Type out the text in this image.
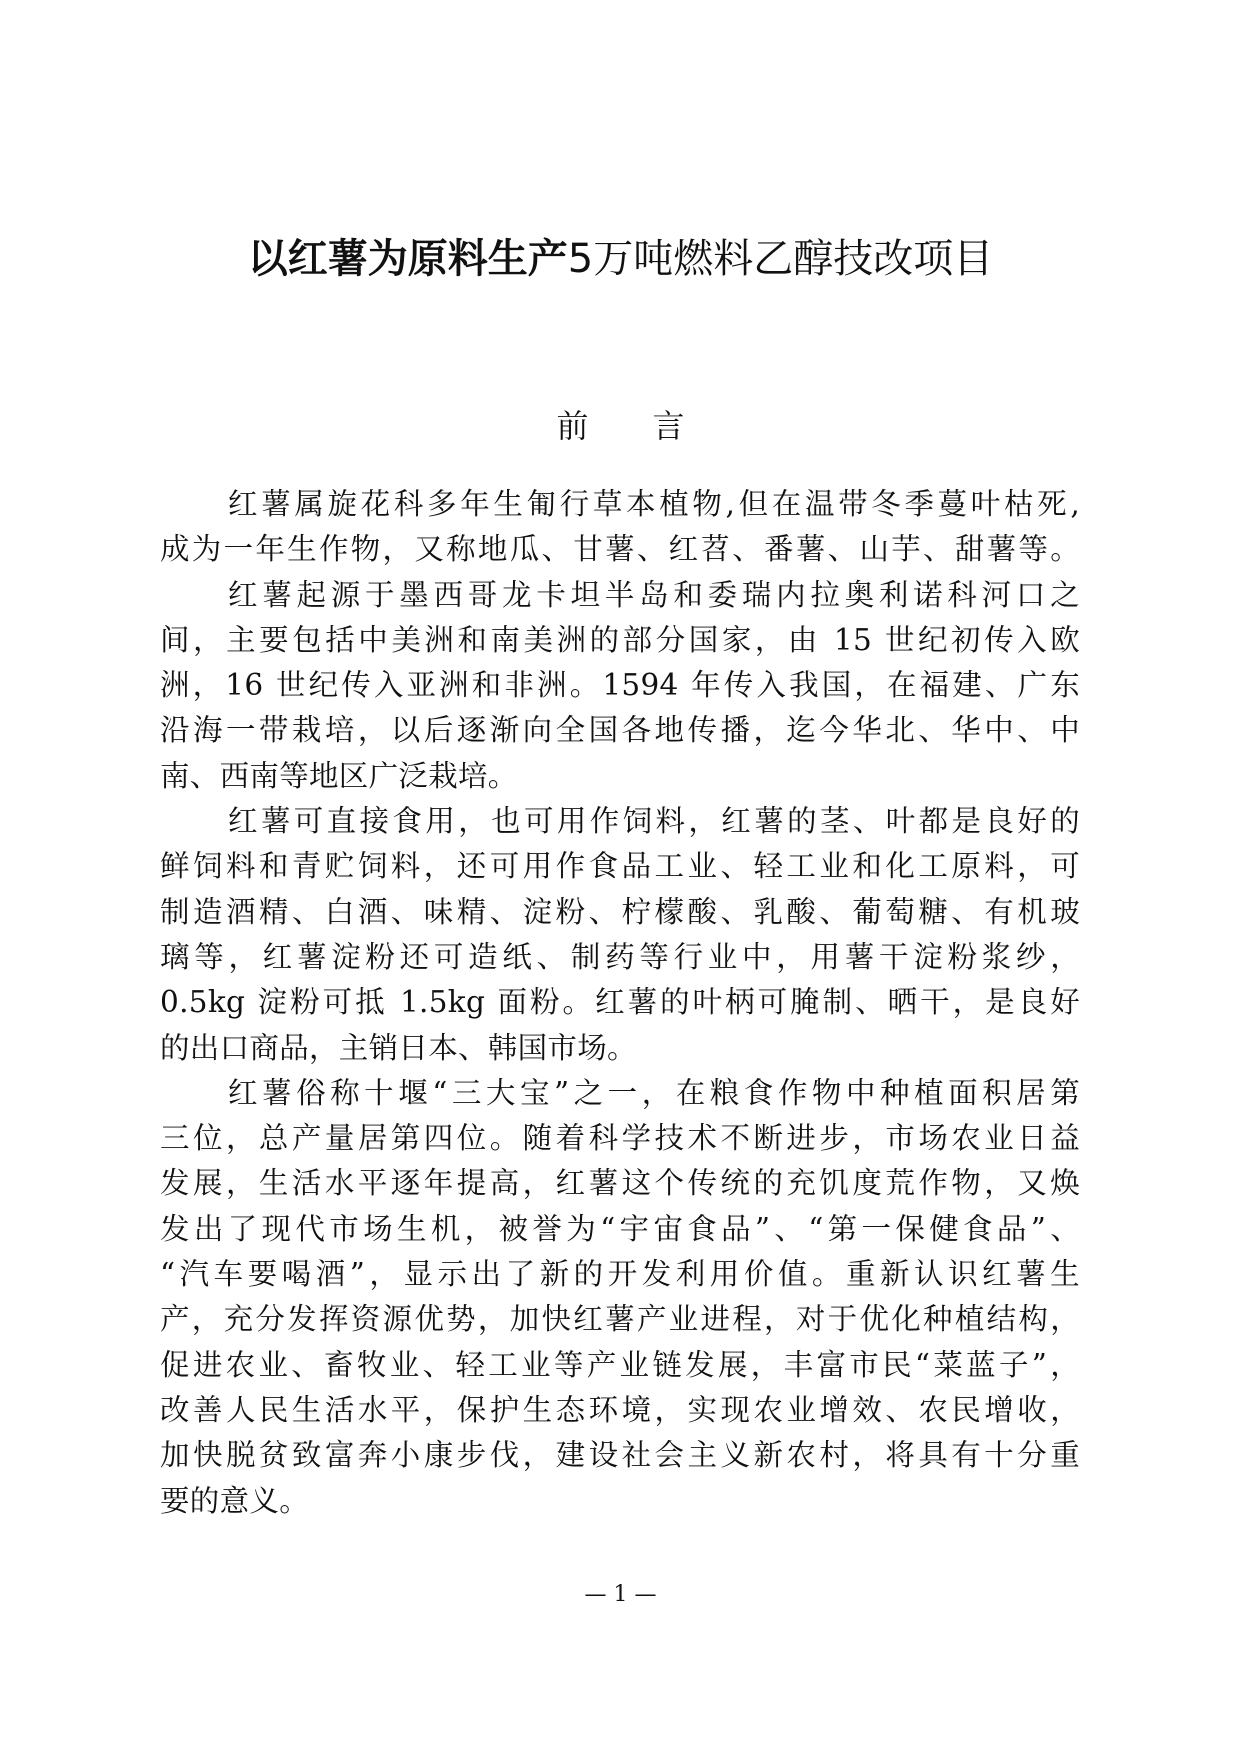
以红薯为原料生产5万吨燃料乙醇技改项目
前 言
红薯属旋花科多年生匍行草本植物,但在温带冬季蔓叶枯死,
成为一年生作物，又称地瓜、甘薯、红苕、番薯、山芋、甜薯等。
红薯起源于墨西哥龙卡坦半岛和委瑞内拉奥利诺科河口之
间，主要包括中美洲和南美洲的部分国家，由 15 世纪初传入欧
洲，16 世纪传入亚洲和非洲。1594 年传入我国，在福建、广东
沿海一带栽培，以后逐渐向全国各地传播，迄今华北、华中、中
南、西南等地区广泛栽培。
红薯可直接食用，也可用作饲料，红薯的茎、叶都是良好的
鲜饲料和青贮饲料，还可用作食品工业、轻工业和化工原料，可
制造酒精、白酒、味精、淀粉、柠檬酸、乳酸、葡萄糖、有机玻
璃等，红薯淀粉还可造纸、制药等行业中，用薯干淀粉浆纱，
0.5kg 淀粉可抵 1.5kg 面粉。红薯的叶柄可腌制、晒干，是良好
的出口商品，主销日本、韩国市场。
红薯俗称十堰“三大宝”之一，在粮食作物中种植面积居第
三位，总产量居第四位。随着科学技术不断进步，市场农业日益
发展，生活水平逐年提高，红薯这个传统的充饥度荒作物，又焕
发出了现代市场生机，被誉为“宇宙食品”、“第一保健食品”、
“汽车要喝酒”，显示出了新的开发利用价值。重新认识红薯生
产，充分发挥资源优势，加快红薯产业进程，对于优化种植结构，
促进农业、畜牧业、轻工业等产业链发展，丰富市民“菜蓝子”，
改善人民生活水平，保护生态环境，实现农业增效、农民增收，
加快脱贫致富奔小康步伐，建设社会主义新农村，将具有十分重
要的意义。
— 1 —
